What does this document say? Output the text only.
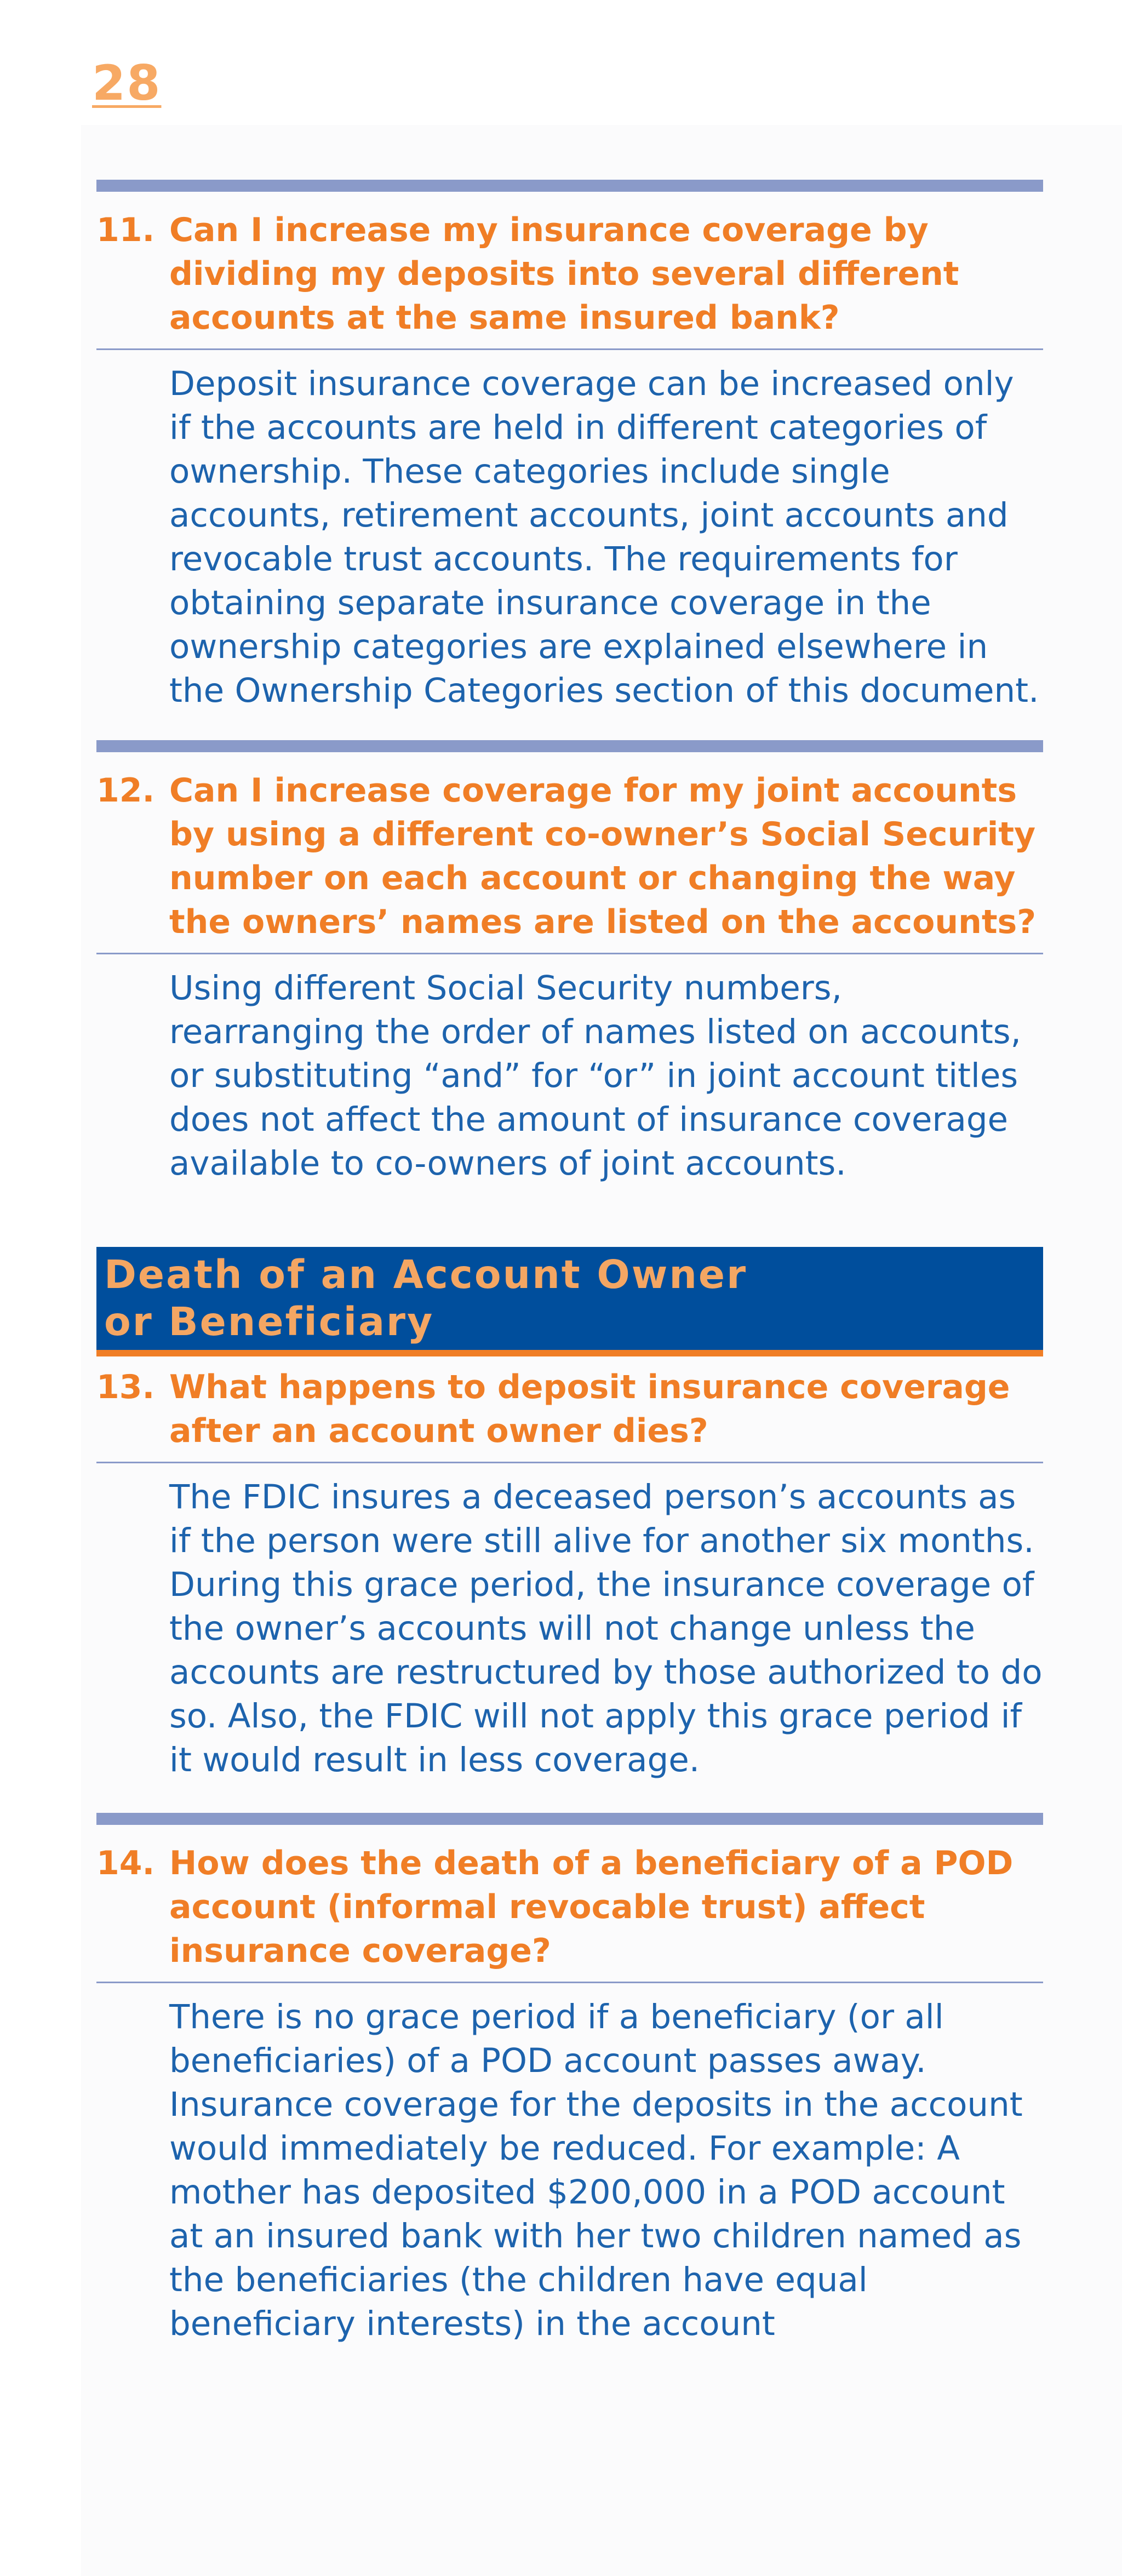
28
11. Can I increase my insurance coverage by dividing my deposits into several different accounts at the same insured bank?
Deposit insurance coverage can be increased only if the accounts are held in different categories of ownership. These categories include single accounts, retirement accounts, joint accounts and revocable trust accounts. The requirements for obtaining separate insurance coverage in the ownership categories are explained elsewhere in the Ownership Categories section of this document.
12. Can I increase coverage for my joint accounts by using a different co-owner’s Social Security number on each account or changing the way the owners’ names are listed on the accounts?
Using different Social Security numbers, rearranging the order of names listed on accounts, or substituting “and” for “or” in joint account titles does not affect the amount of insurance coverage available to co-owners of joint accounts.
Death of an Account Owner
or Beneficiary
13. What happens to deposit insurance coverage after an account owner dies?
The FDIC insures a deceased person’s accounts as if the person were still alive for another six months. During this grace period, the insurance coverage of the owner’s accounts will not change unless the accounts are restructured by those authorized to do so. Also, the FDIC will not apply this grace period if it would result in less coverage.
14. How does the death of a beneficiary of a POD account (informal revocable trust) affect insurance coverage?
There is no grace period if a beneficiary (or all beneficiaries) of a POD account passes away. Insurance coverage for the deposits in the account would immediately be reduced. For example: A mother has deposited $200,000 in a POD account at an insured bank with her two children named as the beneficiaries (the children have equal beneficiary interests) in the account
